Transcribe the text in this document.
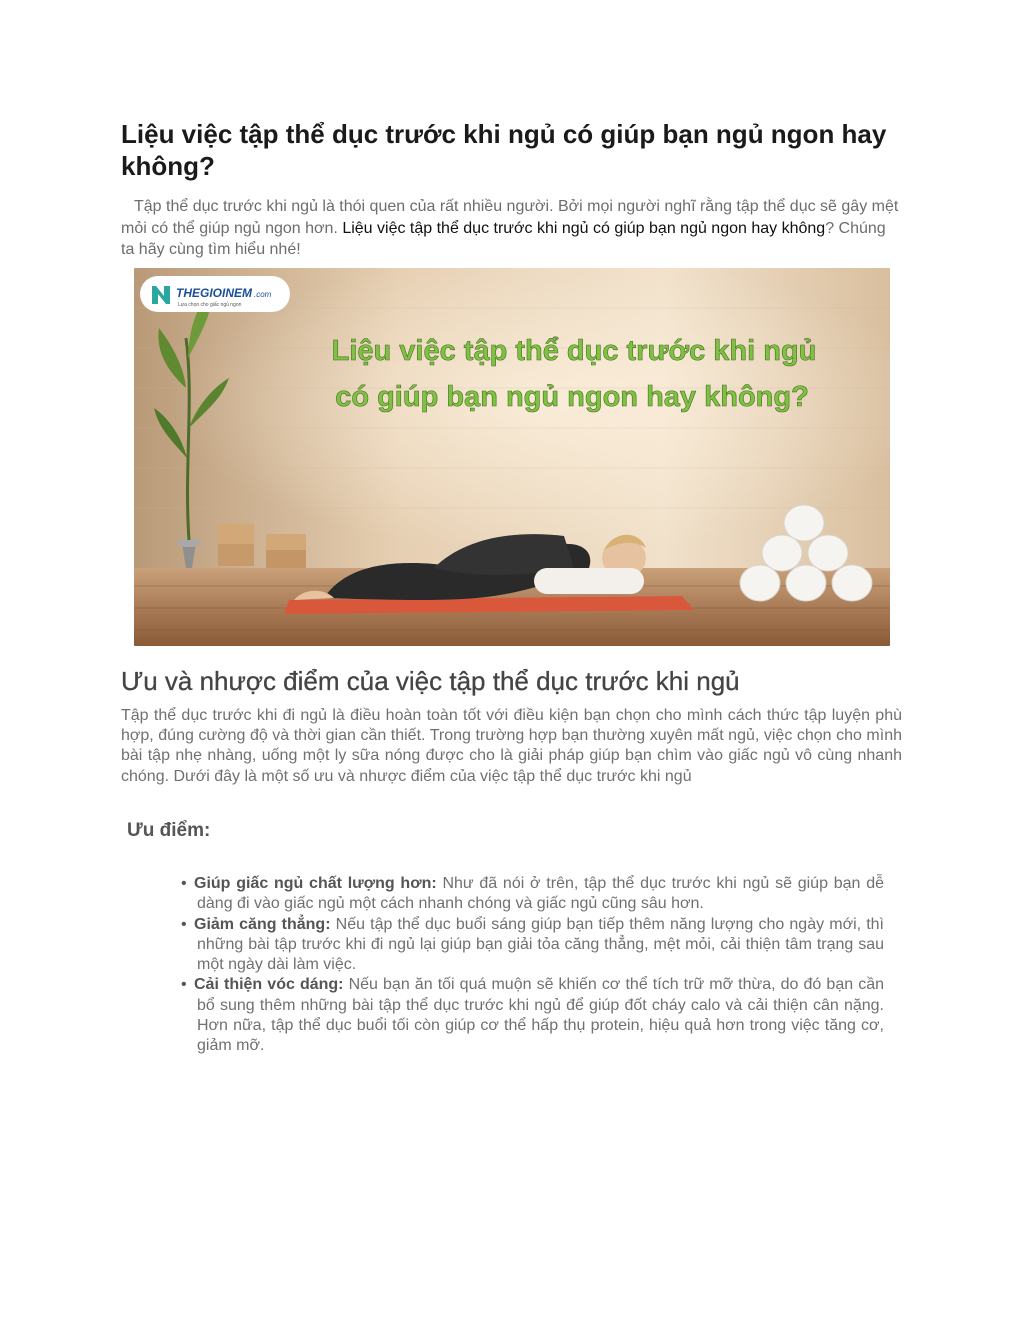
Liệu việc tập thể dục trước khi ngủ có giúp bạn ngủ ngon hay không?

Tập thể dục trước khi ngủ là thói quen của rất nhiều người. Bởi mọi người nghĩ rằng tập thể dục sẽ gây mệt mỏi có thể giúp ngủ ngon hơn. Liệu việc tập thể dục trước khi ngủ có giúp bạn ngủ ngon hay không? Chúng ta hãy cùng tìm hiểu nhé!

THEGIOINEM .com
Lựa chọn cho giấc ngủ ngon
Liệu việc tập thể dục trước khi ngủ
có giúp bạn ngủ ngon hay không?
Ưu và nhược điểm của việc tập thể dục trước khi ngủ

Tập thể dục trước khi đi ngủ là điều hoàn toàn tốt với điều kiện bạn chọn cho mình cách thức tập luyện phù hợp, đúng cường độ và thời gian cần thiết. Trong trường hợp bạn thường xuyên mất ngủ, việc chọn cho mình bài tập nhẹ nhàng, uống một ly sữa nóng được cho là giải pháp giúp bạn chìm vào giấc ngủ vô cùng nhanh chóng. Dưới đây là một số ưu và nhược điểm của việc tập thể dục trước khi ngủ

Ưu điểm:
• Giúp giấc ngủ chất lượng hơn: Như đã nói ở trên, tập thể dục trước khi ngủ sẽ giúp bạn dễ dàng đi vào giấc ngủ một cách nhanh chóng và giấc ngủ cũng sâu hơn.
• Giảm căng thẳng: Nếu tập thể dục buổi sáng giúp bạn tiếp thêm năng lượng cho ngày mới, thì những bài tập trước khi đi ngủ lại giúp bạn giải tỏa căng thẳng, mệt mỏi, cải thiện tâm trạng sau một ngày dài làm việc.
• Cải thiện vóc dáng: Nếu bạn ăn tối quá muộn sẽ khiến cơ thể tích trữ mỡ thừa, do đó bạn cần bổ sung thêm những bài tập thể dục trước khi ngủ để giúp đốt cháy calo và cải thiện cân nặng. Hơn nữa, tập thể dục buổi tối còn giúp cơ thể hấp thụ protein, hiệu quả hơn trong việc tăng cơ, giảm mỡ.
